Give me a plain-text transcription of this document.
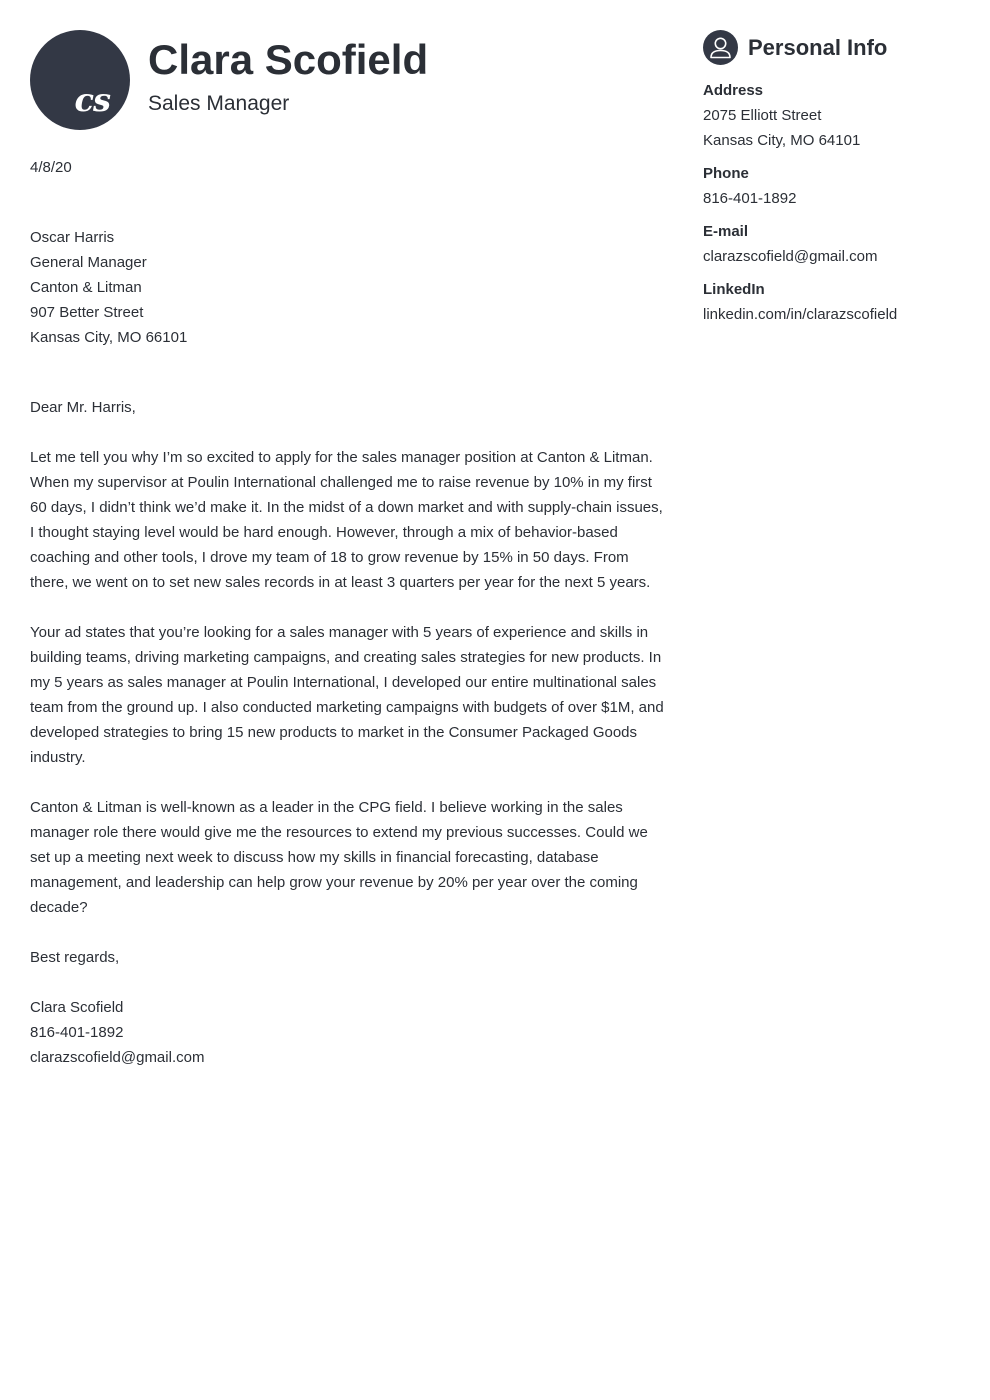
cs
Clara Scofield
Sales Manager

4/8/20

Oscar Harris
General Manager
Canton & Litman
907 Better Street
Kansas City, MO 66101

Dear Mr. Harris,

Let me tell you why I’m so excited to apply for the sales manager position at Canton & Litman. When my supervisor at Poulin International challenged me to raise revenue by 10% in my first 60 days, I didn’t think we’d make it. In the midst of a down market and with supply-chain issues, I thought staying level would be hard enough. However, through a mix of behavior-based coaching and other tools, I drove my team of 18 to grow revenue by 15% in 50 days. From there, we went on to set new sales records in at least 3 quarters per year for the next 5 years.

Your ad states that you’re looking for a sales manager with 5 years of experience and skills in building teams, driving marketing campaigns, and creating sales strategies for new products. In my 5 years as sales manager at Poulin International, I developed our entire multinational sales team from the ground up. I also conducted marketing campaigns with budgets of over $1M, and developed strategies to bring 15 new products to market in the Consumer Packaged Goods industry.

Canton & Litman is well-known as a leader in the CPG field. I believe working in the sales manager role there would give me the resources to extend my previous successes. Could we set up a meeting next week to discuss how my skills in financial forecasting, database management, and leadership can help grow your revenue by 20% per year over the coming decade?

Best regards,

Clara Scofield
816-401-1892
clarazscofield@gmail.com
Personal Info
Address
2075 Elliott Street
Kansas City, MO 64101
Phone
816-401-1892
E-mail
clarazscofield@gmail.com
LinkedIn
linkedin.com/in/clarazscofield
